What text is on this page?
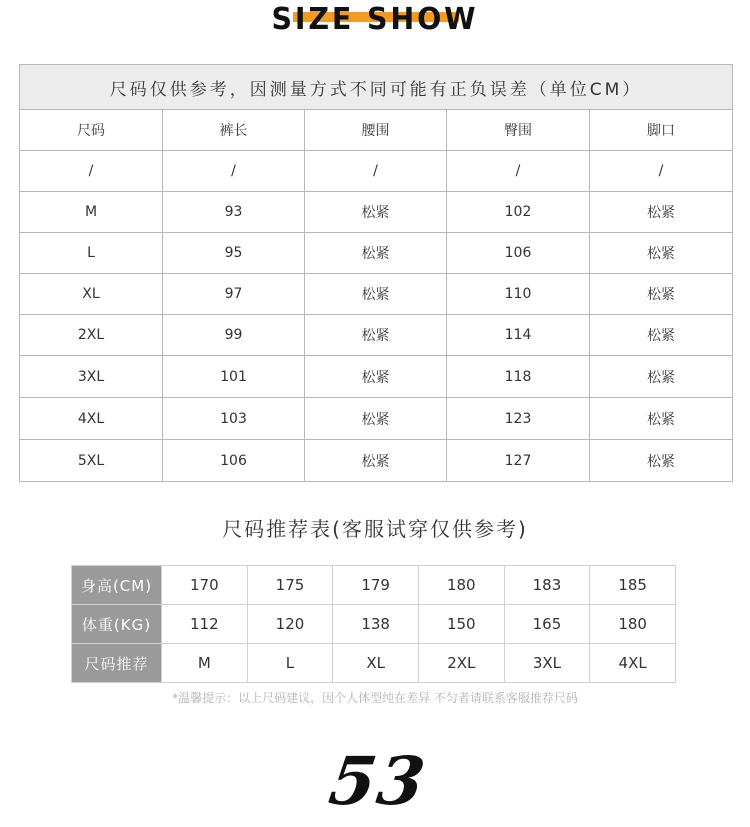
SIZE SHOW
尺码仅供参考，因测量方式不同可能有正负误差（单位CM）				
尺码	裤长	腰围	臀围	脚口
/	/	/	/	/
M	93	松紧	102	松紧
L	95	松紧	106	松紧
XL	97	松紧	110	松紧
2XL	99	松紧	114	松紧
3XL	101	松紧	118	松紧
4XL	103	松紧	123	松紧
5XL	106	松紧	127	松紧
尺码推荐表(客服试穿仅供参考)
身高(CM)	170	175	179	180	183	185
体重(KG)	112	120	138	150	165	180
尺码推荐	M	L	XL	2XL	3XL	4XL
*温馨提示：以上尺码建议，因个人体型纯在差异 不匀者请联系客服推荐尺码
53
